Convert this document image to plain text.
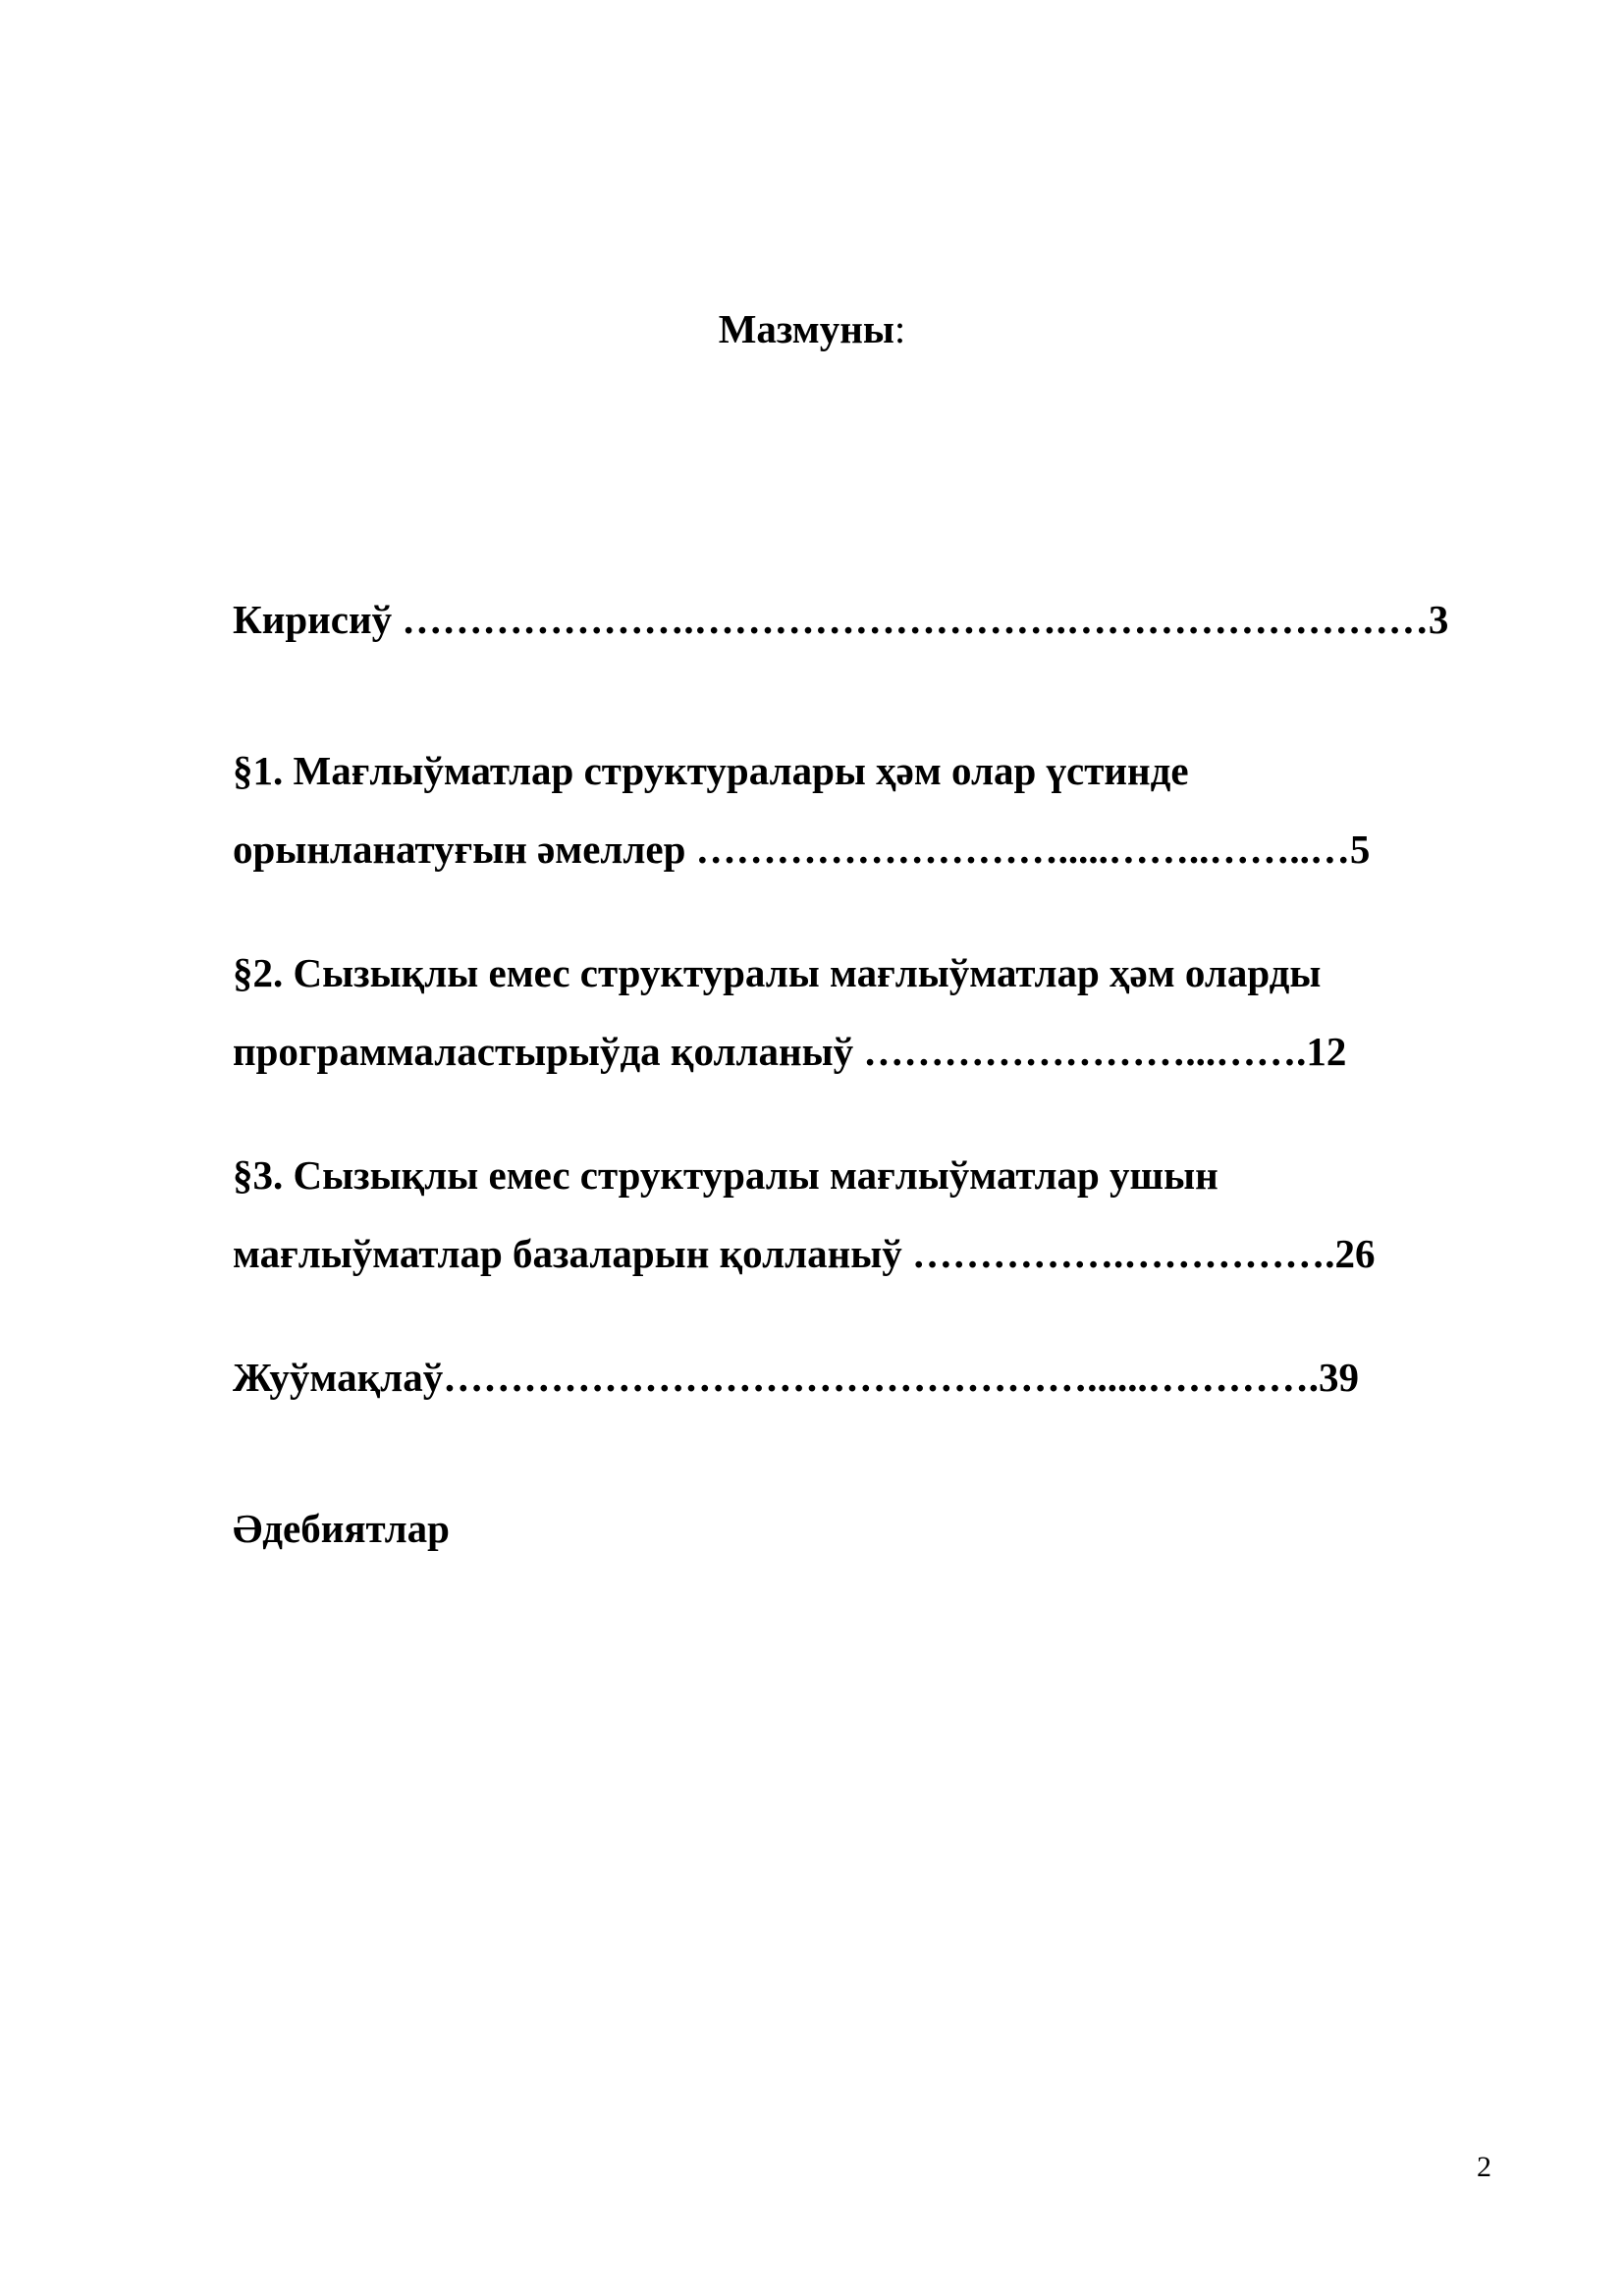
Мазмуны:
Кирисиў ………………….……………………….………………………3
§1. Мағлыўматлар структуралары ҳәм олар үстинде
орынланатуғын әмеллер ……………………….....……..……..…5
§2. Сызықлы емес структуралы мағлыўматлар ҳәм оларды
программаластырыўда қолланыў ……………………...…….12
§3. Сызықлы емес структуралы мағлыўматлар ушын
мағлыўматлар базаларын қолланыў …………….…………….26
Жуўмақлаў…………………………………………......………….39
Әдебиятлар
2
